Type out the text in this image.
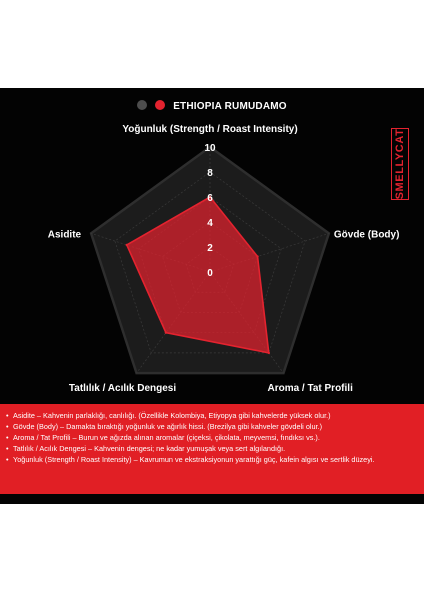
ETHIOPIA RUMUDAMO
SMELLYCAT
0
2
4
6
8
10
Yoğunluk (Strength / Roast Intensity)
Gövde (Body)
Aroma / Tat Profili
Tatlılık / Acılık Dengesi
Asidite
• Asidite – Kahvenin parlaklığı, canlılığı. (Özellikle Kolombiya, Etiyopya gibi kahvelerde yüksek olur.)
• Gövde (Body) – Damakta bıraktığı yoğunluk ve ağırlık hissi. (Brezilya gibi kahveler gövdeli olur.)
• Aroma / Tat Profili – Burun ve ağızda alınan aromalar (çiçeksi, çikolata, meyvemsi, fındıksı vs.).
• Tatlılık / Acılık Dengesi – Kahvenin dengesi; ne kadar yumuşak veya sert algılandığı.
• Yoğunluk (Strength / Roast Intensity) – Kavrumun ve ekstraksiyonun yarattığı güç, kafein algısı ve sertlik düzeyi.
